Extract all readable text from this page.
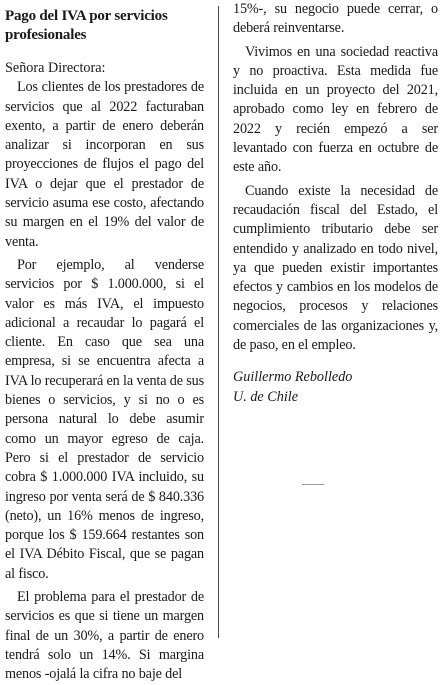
Pago del IVA por servicios profesionales
Señora Directora:

Los clientes de los prestadores de servicios que al 2022 facturaban exento, a partir de enero deberán analizar si incorporan en sus proyecciones de flujos el pago del IVA o dejar que el prestador de servicio asuma ese costo, afectando su margen en el 19% del valor de venta.

Por ejemplo, al venderse servicios por $ 1.000.000, si el valor es más IVA, el impuesto adicional a recaudar lo pagará el cliente. En caso que sea una empresa, si se encuentra afecta a IVA lo recuperará en la venta de sus bienes o servicios, y si no o es persona natural lo debe asumir como un mayor egreso de caja. Pero si el prestador de servicio cobra $ 1.000.000 IVA incluido, su ingreso por venta será de $ 840.336 (neto), un 16% menos de ingreso, porque los $ 159.664 restantes son el IVA Débito Fiscal, que se pagan al fisco.

El problema para el prestador de servicios es que si tiene un margen final de un 30%, a partir de enero tendrá solo un 14%. Si margina menos -ojalá la cifra no baje del

15%-, su negocio puede cerrar, o deberá reinventarse.

Vivimos en una sociedad reactiva y no proactiva. Esta medida fue incluida en un proyecto del 2021, aprobado como ley en febrero de 2022 y recién empezó a ser levantado con fuerza en octubre de este año.

Cuando existe la necesidad de recaudación fiscal del Estado, el cumplimiento tributario debe ser entendido y analizado en todo nivel, ya que pueden existir importantes efectos y cambios en los modelos de negocios, procesos y relaciones comerciales de las organizaciones y, de paso, en el empleo.

Guillermo Rebolledo
U. de Chile
